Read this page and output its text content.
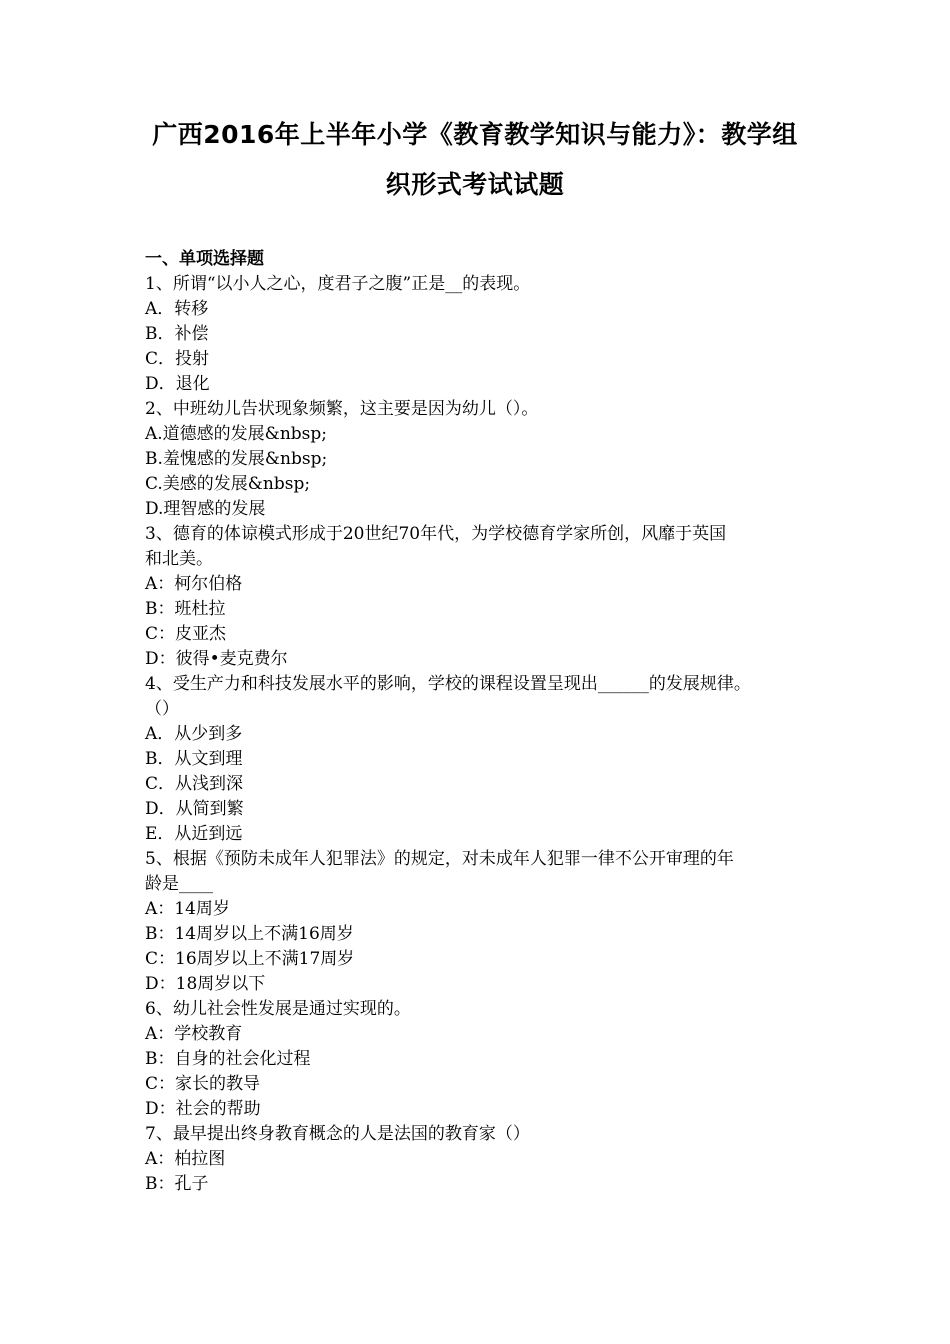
广西2016年上半年小学《教育教学知识与能力》：教学组
织形式考试试题
一、单项选择题
1、所谓“以小人之心，度君子之腹”正是__的表现。
A．转移
B．补偿
C．投射
D．退化
2、中班幼儿告状现象频繁，这主要是因为幼儿（）。
A.道德感的发展&nbsp;
B.羞愧感的发展&nbsp;
C.美感的发展&nbsp;
D.理智感的发展
3、德育的体谅模式形成于20世纪70年代，为学校德育学家所创，风靡于英国
和北美。
A：柯尔伯格
B：班杜拉
C：皮亚杰
D：彼得•麦克费尔
4、受生产力和科技发展水平的影响，学校的课程设置呈现出______的发展规律。
（）
A．从少到多
B．从文到理
C．从浅到深
D．从简到繁
E．从近到远
5、根据《预防未成年人犯罪法》的规定，对未成年人犯罪一律不公开审理的年
龄是____
A：14周岁
B：14周岁以上不满16周岁
C：16周岁以上不满17周岁
D：18周岁以下
6、幼儿社会性发展是通过实现的。
A：学校教育
B：自身的社会化过程
C：家长的教导
D：社会的帮助
7、最早提出终身教育概念的人是法国的教育家（）
A：柏拉图
B：孔子
